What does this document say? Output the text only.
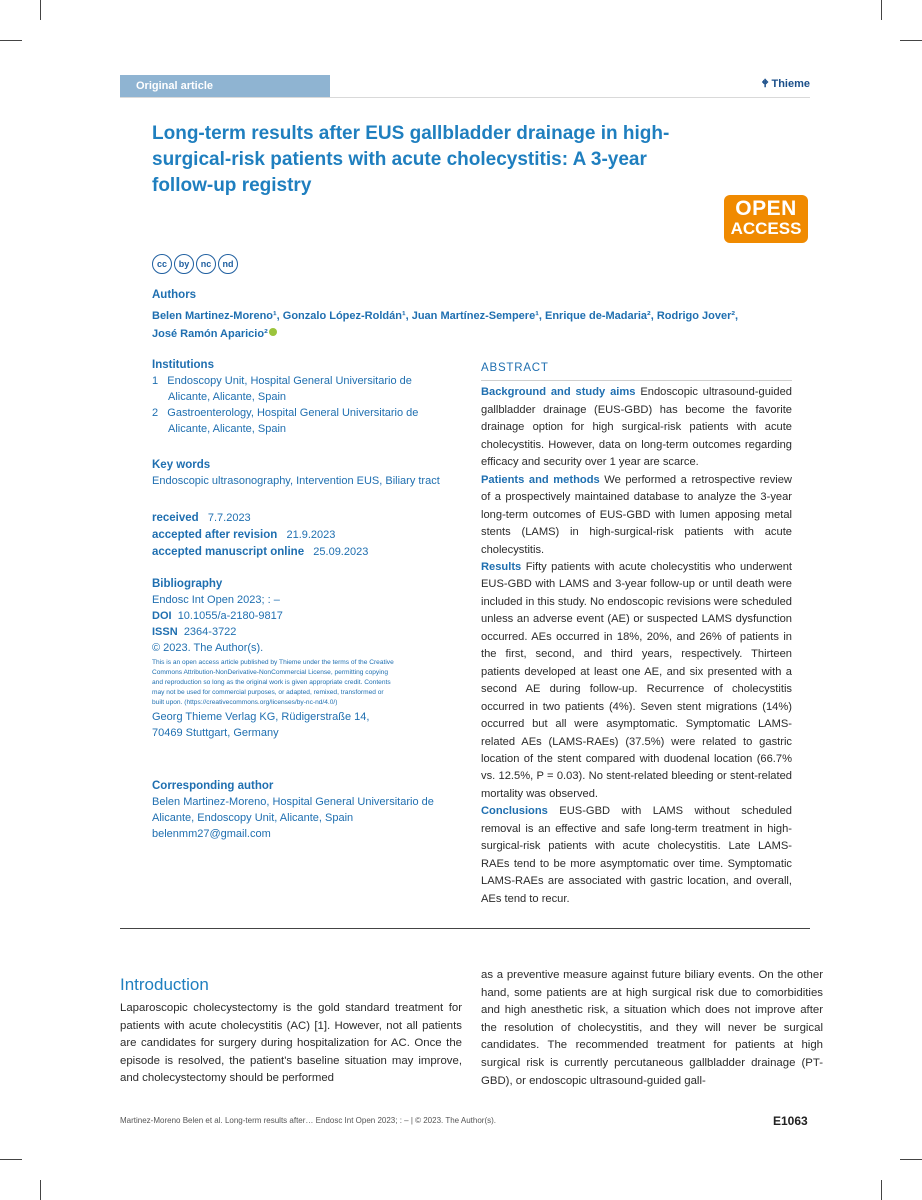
Original article	🕈 Thieme
Long-term results after EUS gallbladder drainage in high-surgical-risk patients with acute cholecystitis: A 3-year follow-up registry
OPEN
ACCESS
cc by nc nd
Authors
Belen Martinez-Moreno¹, Gonzalo López-Roldán¹, Juan Martínez-Sempere¹, Enrique de-Madaria², Rodrigo Jover²,
José Ramón Aparicio²
Institutions
1 Endoscopy Unit, Hospital General Universitario de
Alicante, Alicante, Spain
2 Gastroenterology, Hospital General Universitario de
Alicante, Alicante, Spain
Key words
Endoscopic ultrasonography, Intervention EUS, Biliary tract
received 7.7.2023
accepted after revision 21.9.2023
accepted manuscript online 25.09.2023
Bibliography
Endosc Int Open 2023; : –
DOI 10.1055/a-2180-9817
ISSN 2364-3722
© 2023. The Author(s).
This is an open access article published by Thieme under the terms of the Creative
Commons Attribution-NonDerivative-NonCommercial License, permitting copying
and reproduction so long as the original work is given appropriate credit. Contents
may not be used for commercial purposes, or adapted, remixed, transformed or
built upon. (https://creativecommons.org/licenses/by-nc-nd/4.0/)
Georg Thieme Verlag KG, Rüdigerstraße 14,
70469 Stuttgart, Germany
Corresponding author
Belen Martinez-Moreno, Hospital General Universitario de
Alicante, Endoscopy Unit, Alicante, Spain
belenmm27@gmail.com
ABSTRACT
Background and study aims Endoscopic ultrasound-guided gallbladder drainage (EUS-GBD) has become the favorite drainage option for high surgical-risk patients with acute cholecystitis. However, data on long-term outcomes regarding efficacy and security over 1 year are scarce.
Patients and methods We performed a retrospective review of a prospectively maintained database to analyze the 3-year long-term outcomes of EUS-GBD with lumen apposing metal stents (LAMS) in high-surgical-risk patients with acute cholecystitis.
Results Fifty patients with acute cholecystitis who underwent EUS-GBD with LAMS and 3-year follow-up or until death were included in this study. No endoscopic revisions were scheduled unless an adverse event (AE) or suspected LAMS dysfunction occurred. AEs occurred in 18%, 20%, and 26% of patients in the first, second, and third years, respectively. Thirteen patients developed at least one AE, and six presented with a second AE during follow-up. Recurrence of cholecystitis occurred in two patients (4%). Seven stent migrations (14%) occurred but all were asymptomatic. Symptomatic LAMS-related AEs (LAMS-RAEs) (37.5%) were related to gastric location of the stent compared with duodenal location (66.7% vs. 12.5%, P = 0.03). No stent-related bleeding or stent-related mortality was observed.
Conclusions EUS-GBD with LAMS without scheduled removal is an effective and safe long-term treatment in high-surgical-risk patients with acute cholecystitis. Late LAMS-RAEs tend to be more asymptomatic over time. Symptomatic LAMS-RAEs are associated with gastric location, and overall, AEs tend to recur.
Introduction
Laparoscopic cholecystectomy is the gold standard treatment for patients with acute cholecystitis (AC) [1]. However, not all patients are candidates for surgery during hospitalization for AC. Once the episode is resolved, the patient's baseline situation may improve, and cholecystectomy should be performed
as a preventive measure against future biliary events. On the other hand, some patients are at high surgical risk due to comorbidities and high anesthetic risk, a situation which does not improve after the resolution of cholecystitis, and they will never be surgical candidates. The recommended treatment for patients at high surgical risk is currently percutaneous gallbladder drainage (PT-GBD), or endoscopic ultrasound-guided gall-
Martinez-Moreno Belen et al. Long-term results after… Endosc Int Open 2023; : – | © 2023. The Author(s).	E1063
